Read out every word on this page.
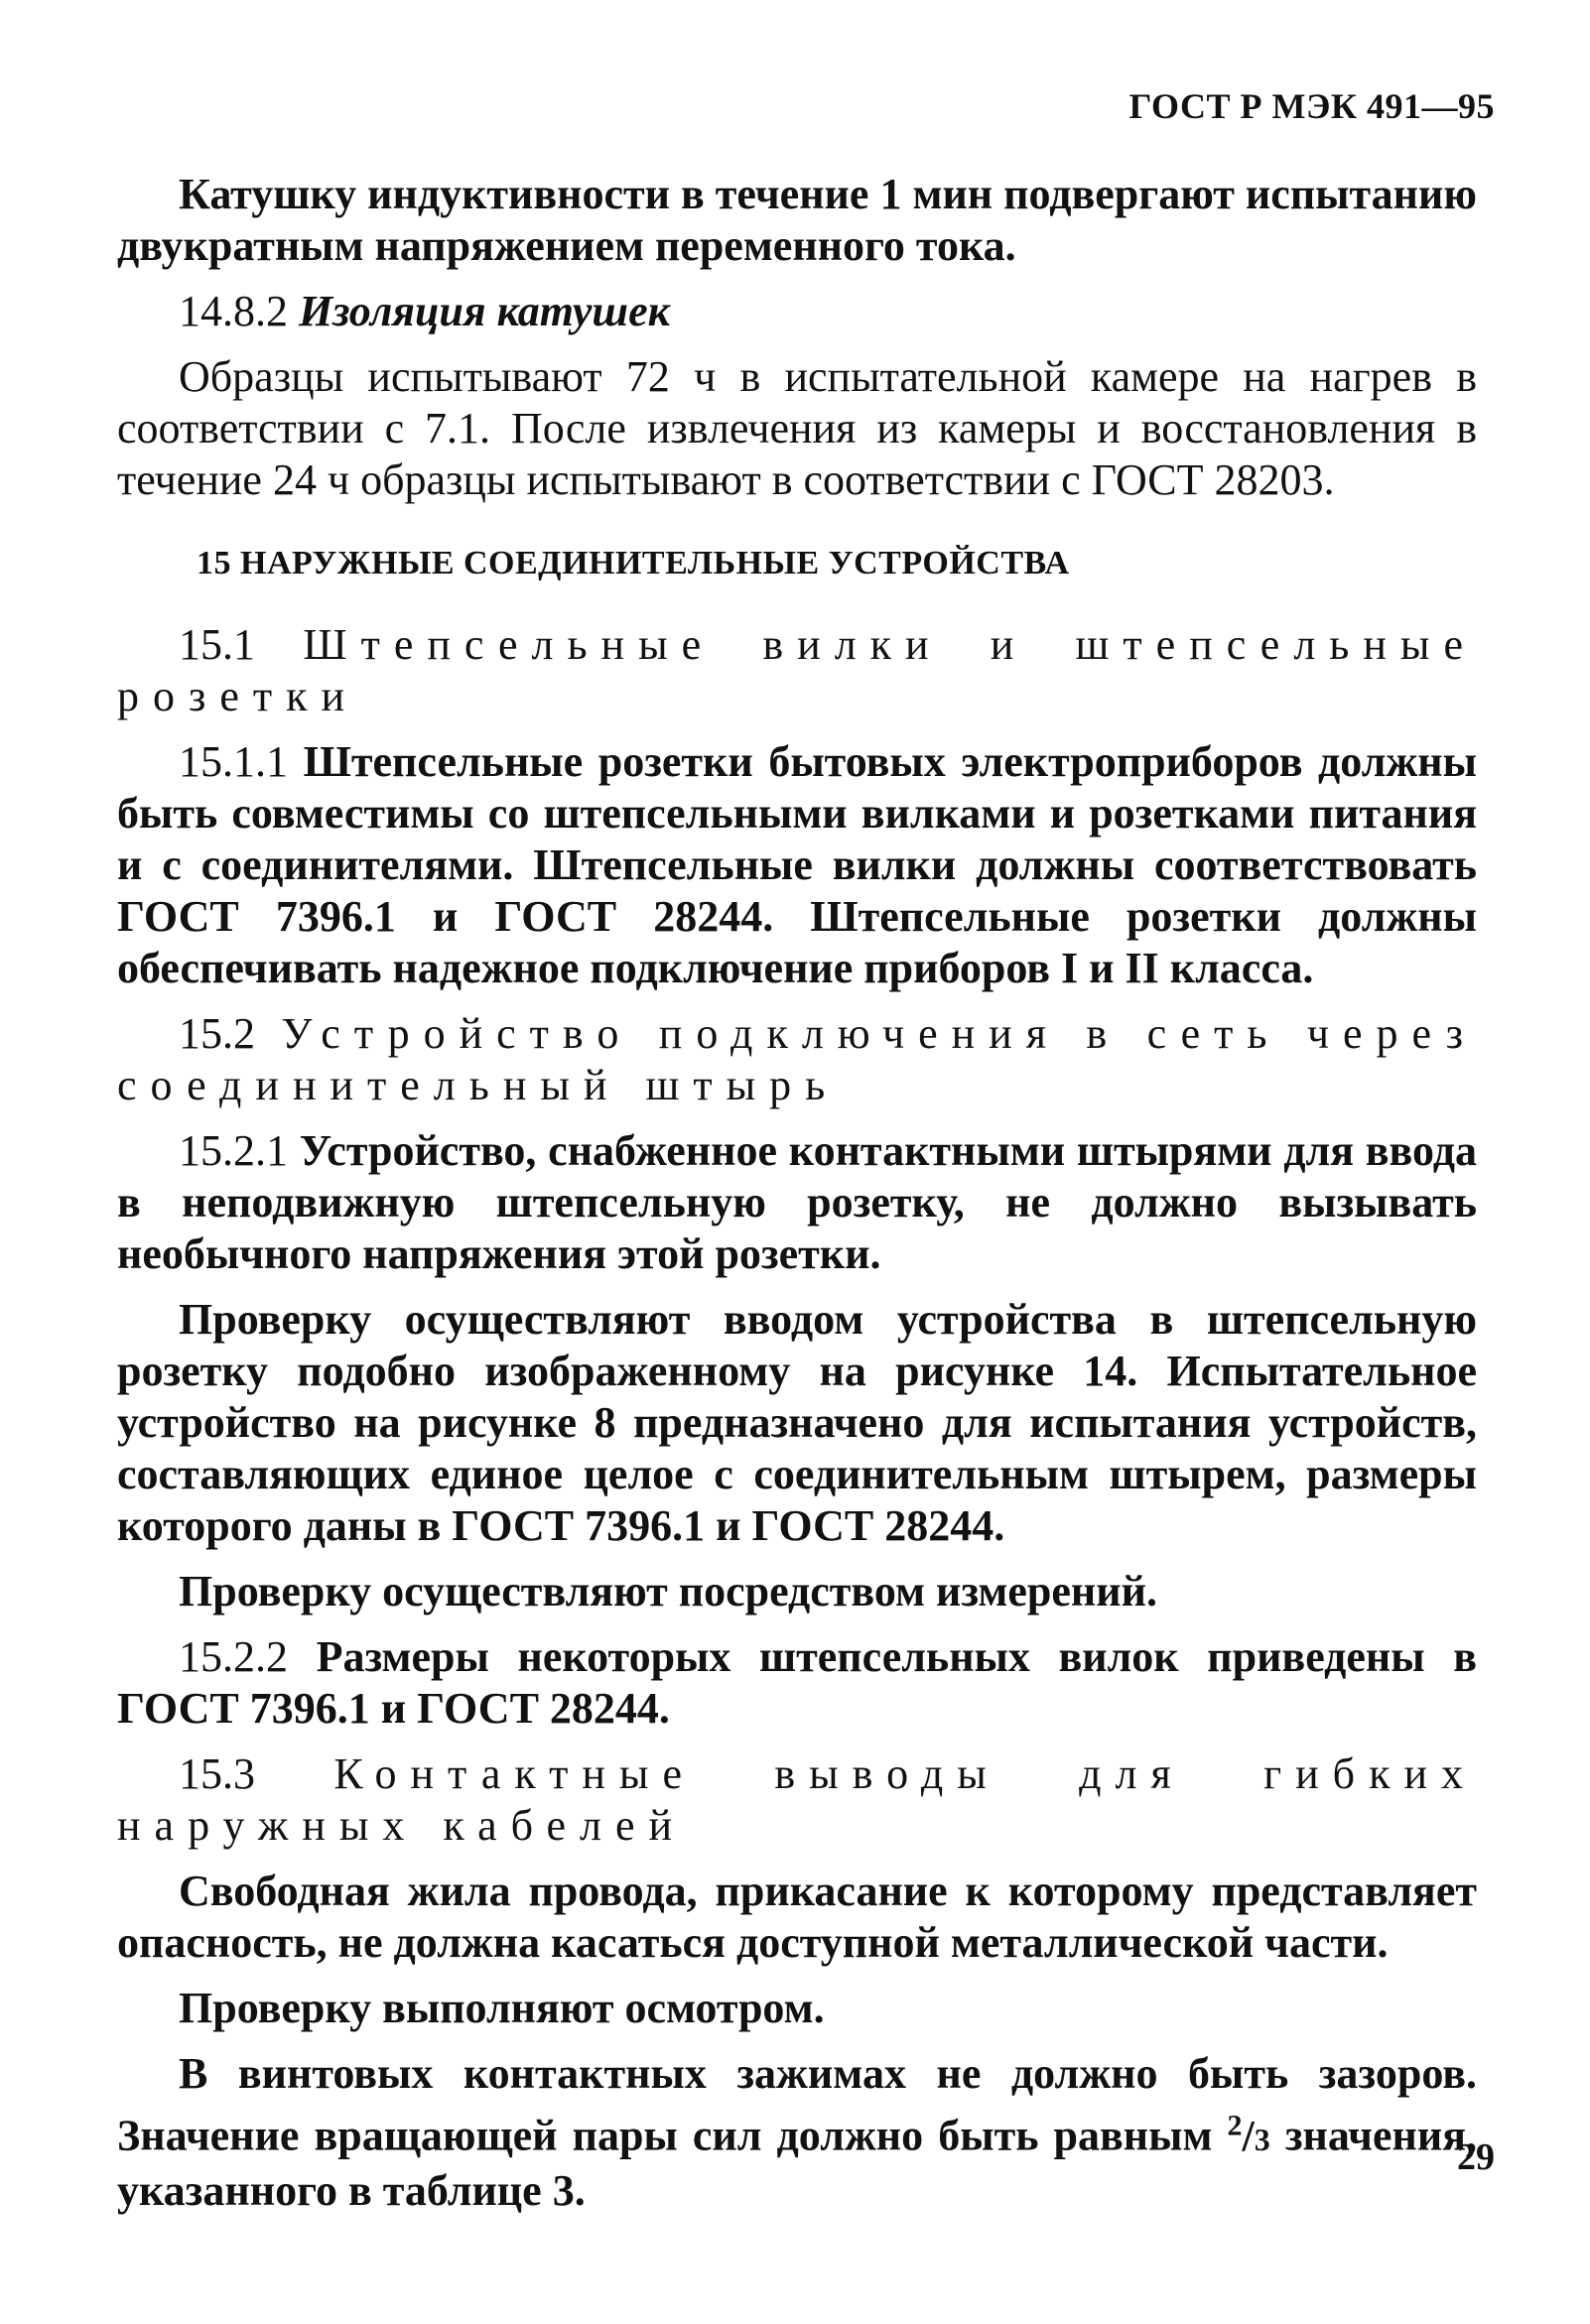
ГОСТ Р МЭК 491—95

Катушку индуктивности в течение 1 мин подвергают испытанию двукратным напряжением переменного тока.

14.8.2 Изоляция катушек

Образцы испытывают 72 ч в испытательной камере на нагрев в соответствии с 7.1. После извлечения из камеры и восстановления в течение 24 ч образцы испытывают в соответствии с ГОСТ 28203.

15 НАРУЖНЫЕ СОЕДИНИТЕЛЬНЫЕ УСТРОЙСТВА

15.1 Штепсельные вилки и штепсельные розетки

15.1.1 Штепсельные розетки бытовых электроприборов должны быть совместимы со штепсельными вилками и розетками питания и с соединителями. Штепсельные вилки должны соответствовать ГОСТ 7396.1 и ГОСТ 28244. Штепсельные розетки должны обеспечивать надежное подключение приборов I и II класса.

15.2 Устройство подключения в сеть через соединительный штырь

15.2.1 Устройство, снабженное контактными штырями для ввода в неподвижную штепсельную розетку, не должно вызывать необычного напряжения этой розетки.

Проверку осуществляют вводом устройства в штепсельную розетку подобно изображенному на рисунке 14. Испытательное устройство на рисунке 8 предназначено для испытания устройств, составляющих единое целое с соединительным штырем, размеры которого даны в ГОСТ 7396.1 и ГОСТ 28244.

Проверку осуществляют посредством измерений.

15.2.2 Размеры некоторых штепсельных вилок приведены в ГОСТ 7396.1 и ГОСТ 28244.

15.3 Контактные выводы для гибких наружных кабелей

Свободная жила провода, прикасание к которому представляет опасность, не должна касаться доступной металлической части.

Проверку выполняют осмотром.

В винтовых контактных зажимах не должно быть зазоров. Значение вращающей пары сил должно быть равным $^2$/3 значения, указанного в таблице 3.

29
